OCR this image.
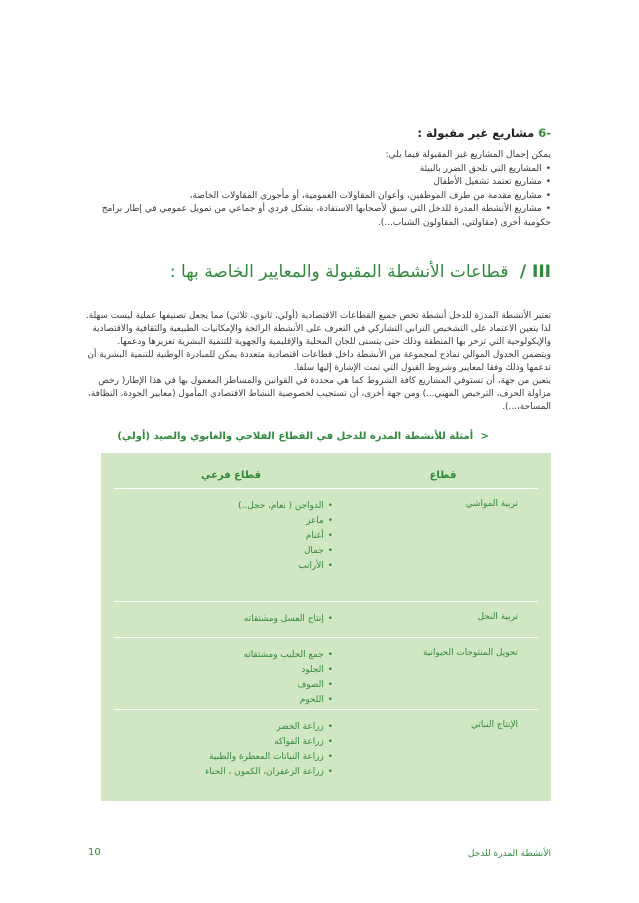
-6 مشاريع غير مقبولة :

يمكن إجمال المشاريع غير المقبولة فيما يلي:

• المشاريع التي تلحق الضرر بالبيئة
• مشاريع تعتمد تشغيل الأطفال
• مشاريع مقدمة من طرف الموظفين، وأعوان المقاولات العمومية، أو مأجوري المقاولات الخاصة،
• مشاريع الأنشطة المدرة للدخل التي سبق لأصحابها الاستفادة، بشكل فردي أو جماعي من تمويل عمومي في إطار برامج حكومية أخرى (مقاولتي، المقاولون الشباب...).

III / قطاعات الأنشطة المقبولة والمعايير الخاصة بها :

تعتبر الأنشطة المدرة للدخل أنشطة تخص جميع القطاعات الاقتصادية (أولي، ثانوي، ثلاثي) مما يجعل تصنيفها عملية ليست سهلة.

لذا يتعين الاعتماد على التشخيص الترابي التشاركي في التعرف على الأنشطة الرائجة والإمكانيات الطبيعية والثقافية والاقتصادية والإيكولوجية التي تزخر بها المنطقة وذلك حتى يتسنى للجان المحلية والإقليمية والجهوية للتنمية البشرية تعزيزها ودعمها.

ويتضمن الجدول الموالي نماذج لمجموعة من الأنشطة داخل قطاعات اقتصادية متعددة يمكن للمبادرة الوطنية للتنمية البشرية أن تدعمها وذلك وفقا لمعايير وشروط القبول التي تمت الإشارة إليها سلفا.

يتعين من جهة، أن تستوفي المشاريع كافة الشروط كما هي محددة في القوانين والمساطر المعمول بها في هذا الإطار( رخص مزاولة الحرف، الترخيص المهني...) ومن جهة أخرى، أن تستجيب لخصوصية النشاط الاقتصادي المأمول (معايير الجودة، النظافة، المساحة،...).

< أمثلة للأنشطة المدرة للدخل في القطاع الفلاحي والغابوي والصيد (أولي)
قطاع
قطاع فرعي
تربية المواشي
• الدواجن ( نعام، حجل..)
• ماعز
• أغنام
• جمال
• الأرانب
تربية النحل
• إنتاج العسل ومشتقاته
تحويل المنتوجات الحيوانية
• جمع الحليب ومشتقاته
• الجلود
• الصوف
• اللحوم
الإنتاج النباتي
• زراعة الخضر
• زراعة الفواكه
• زراعة النباتات المعطرة والطبية
• زراعة الزعفران، الكمون ، الحناء
10	الأنشطة المدرة للدخل
